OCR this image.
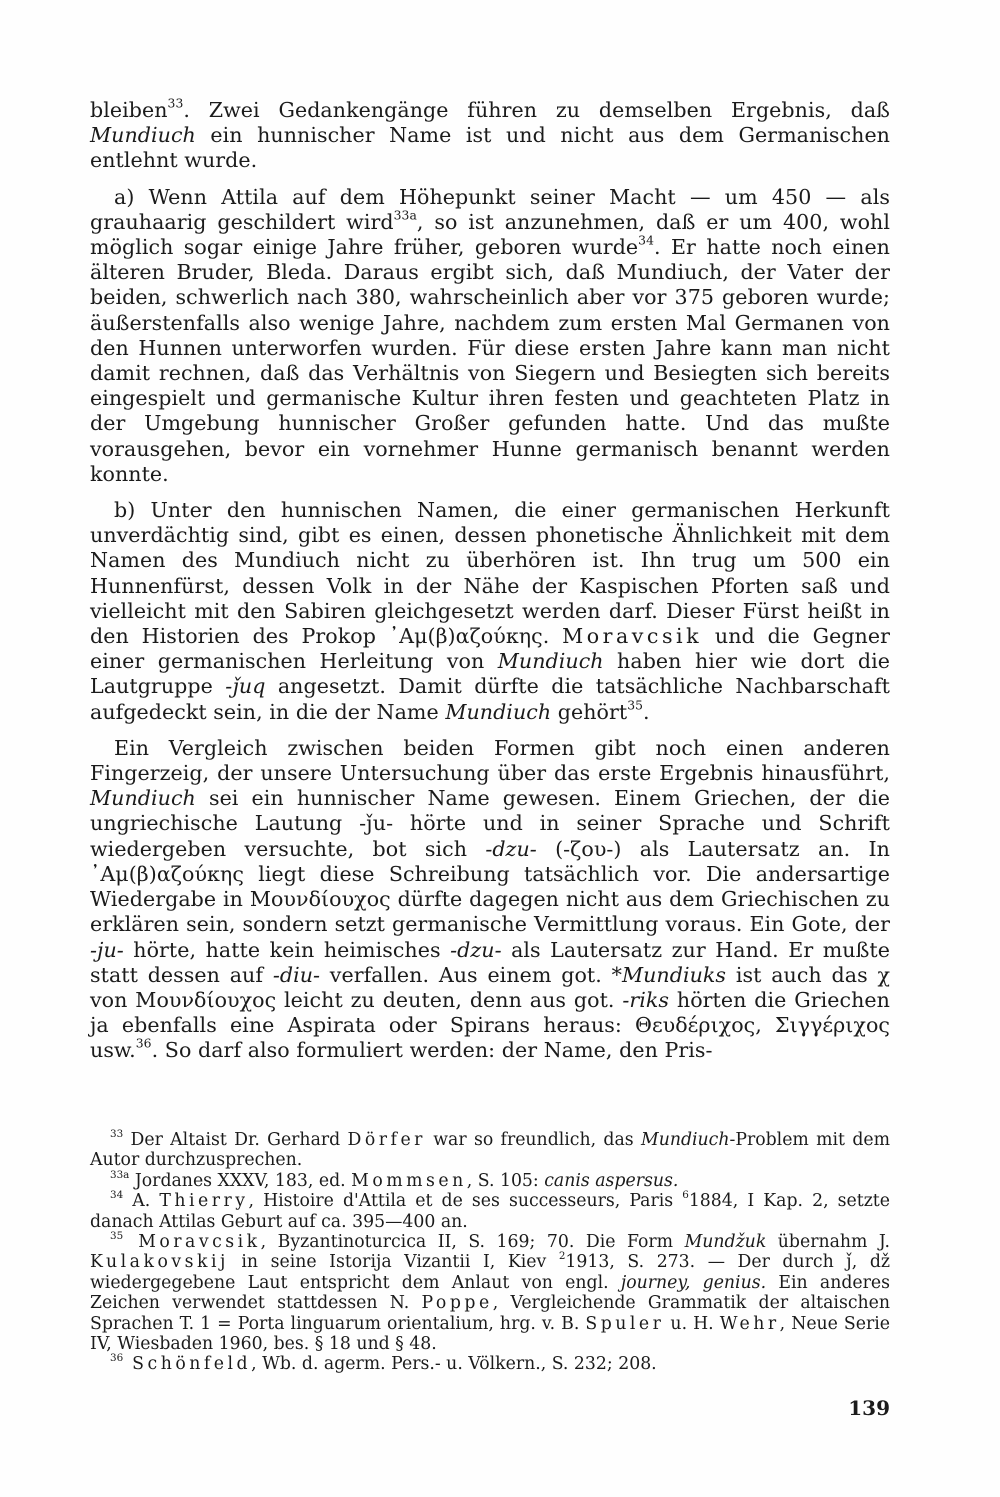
bleiben$^{33}$. Zwei Gedankengänge führen zu demselben Ergebnis, daß Mundiuch ein hunnischer Name ist und nicht aus dem Germanischen entlehnt wurde.

a) Wenn Attila auf dem Höhepunkt seiner Macht — um 450 — als grauhaarig geschildert wird$^{33a}$, so ist anzunehmen, daß er um 400, wohl möglich sogar einige Jahre früher, geboren wurde$^{34}$. Er hatte noch einen älteren Bruder, Bleda. Daraus ergibt sich, daß Mundiuch, der Vater der beiden, schwerlich nach 380, wahrscheinlich aber vor 375 geboren wurde; äußerstenfalls also wenige Jahre, nachdem zum ersten Mal Germanen von den Hunnen unterworfen wurden. Für diese ersten Jahre kann man nicht damit rechnen, daß das Verhältnis von Siegern und Besiegten sich bereits eingespielt und germanische Kultur ihren festen und geachteten Platz in der Umgebung hunnischer Großer gefunden hatte. Und das mußte vorausgehen, bevor ein vornehmer Hunne germanisch benannt werden konnte.

b) Unter den hunnischen Namen, die einer germanischen Herkunft unverdächtig sind, gibt es einen, dessen phonetische Ähnlichkeit mit dem Namen des Mundiuch nicht zu überhören ist. Ihn trug um 500 ein Hunnenfürst, dessen Volk in der Nähe der Kaspischen Pforten saß und vielleicht mit den Sabiren gleichgesetzt werden darf. Dieser Fürst heißt in den Historien des Prokop ᾿Αμ(β)αζούκης. Moravcsik und die Gegner einer germanischen Herleitung von Mundiuch haben hier wie dort die Lautgruppe -ǰuq angesetzt. Damit dürfte die tatsächliche Nachbarschaft aufgedeckt sein, in die der Name Mundiuch gehört$^{35}$.

Ein Vergleich zwischen beiden Formen gibt noch einen anderen Fingerzeig, der unsere Untersuchung über das erste Ergebnis hinausführt, Mundiuch sei ein hunnischer Name gewesen. Einem Griechen, der die ungriechische Lautung -ǰu- hörte und in seiner Sprache und Schrift wiedergeben versuchte, bot sich -dzu- (-ζου-) als Lautersatz an. In ᾿Αμ(β)αζούκης liegt diese Schreibung tatsächlich vor. Die andersartige Wiedergabe in Μουνδίουχος dürfte dagegen nicht aus dem Griechischen zu erklären sein, sondern setzt germanische Vermittlung voraus. Ein Gote, der -ju- hörte, hatte kein heimisches -dzu- als Lautersatz zur Hand. Er mußte statt dessen auf -diu- verfallen. Aus einem got. *Mundiuks ist auch das χ von Μουνδίουχος leicht zu deuten, denn aus got. -riks hörten die Griechen ja ebenfalls eine Aspirata oder Spirans heraus: Θευδέριχος, Σιγγέριχος usw.$^{36}$. So darf also formuliert werden: der Name, den Pris-

$^{33}$ Der Altaist Dr. Gerhard Dörfer war so freundlich, das Mundiuch-Problem mit dem Autor durchzusprechen.

$^{33a}$ Jordanes XXXV, 183, ed. Mommsen, S. 105: canis aspersus.

$^{34}$ A. Thierry, Histoire d'Attila et de ses successeurs, Paris $^6$1884, I Kap. 2, setzte danach Attilas Geburt auf ca. 395—400 an.

$^{35}$ Moravcsik, Byzantinoturcica II, S. 169; 70. Die Form Mundžuk übernahm J. Kulakovskij in seine Istorija Vizantii I, Kiev $^2$1913, S. 273. — Der durch ǰ, dž wiedergegebene Laut entspricht dem Anlaut von engl. journey, genius. Ein anderes Zeichen verwendet stattdessen N. Poppe, Vergleichende Grammatik der altaischen Sprachen T. 1 = Porta linguarum orientalium, hrg. v. B. Spuler u. H. Wehr, Neue Serie IV, Wiesbaden 1960, bes. § 18 und § 48.

$^{36}$ Schönfeld, Wb. d. agerm. Pers.- u. Völkern., S. 232; 208.

139
